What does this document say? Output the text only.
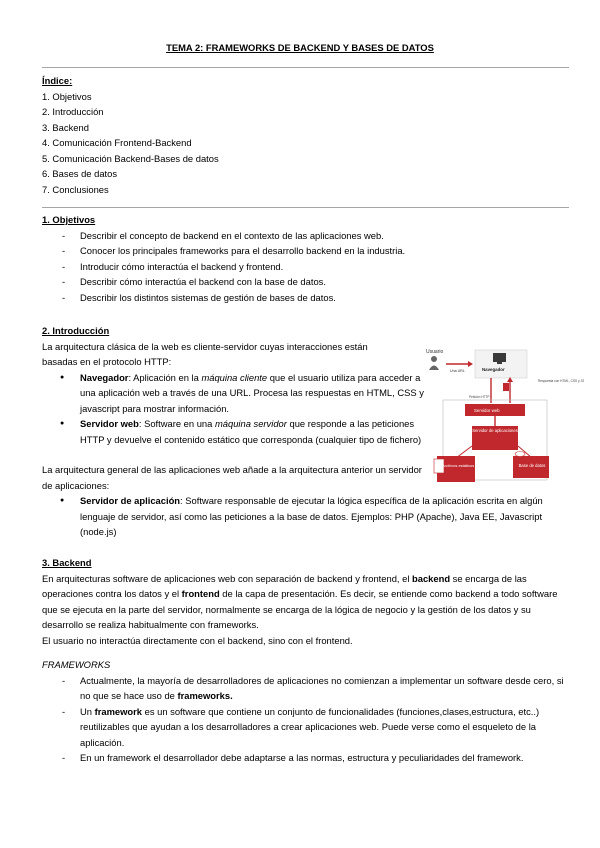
TEMA 2: FRAMEWORKS DE BACKEND Y BASES DE DATOS
Índice:
1. Objetivos
2. Introducción
3. Backend
4. Comunicación Frontend-Backend
5. Comunicación Backend-Bases de datos
6. Bases de datos
7. Conclusiones
1. Objetivos
- Describir el concepto de backend en el contexto de las aplicaciones web.
- Conocer los principales frameworks para el desarrollo backend en la industria.
- Introducir cómo interactúa el backend y frontend.
- Describir cómo interactúa el backend con la base de datos.
- Describir los distintos sistemas de gestión de bases de datos.
2. Introducción
La arquitectura clásica de la web es cliente-servidor cuyas interacciones están basadas en el protocolo HTTP:
● Navegador: Aplicación en la máquina cliente que el usuario utiliza para acceder a una aplicación web a través de una URL. Procesa las respuestas en HTML, CSS y javascript para mostrar información.
● Servidor web: Software en una máquina servidor que responde a las peticiones HTTP y devuelve el contenido estático que corresponda (cualquier tipo de fichero)
La arquitectura general de las aplicaciones web añade a la arquitectura anterior un servidor de aplicaciones:
● Servidor de aplicación: Software responsable de ejecutar la lógica específica de la aplicación escrita en algún lenguaje de servidor, así como las peticiones a la base de datos. Ejemplos: PHP (Apache), Java EE, Javascript (node.js)
Usuario
Una URL	Navegador
Respuesta con HTML, CSS y JS
Petición HTTP
Servidor web
Servidor de aplicaciones
Archivos estáticos	Base de datos
3. Backend
En arquitecturas software de aplicaciones web con separación de backend y frontend, el backend se encarga de las operaciones contra los datos y el frontend de la capa de presentación. Es decir, se entiende como backend a todo software que se ejecuta en la parte del servidor, normalmente se encarga de la lógica de negocio y la gestión de los datos y su desarrollo se realiza habitualmente con frameworks.
El usuario no interactúa directamente con el backend, sino con el frontend.
FRAMEWORKS
- Actualmente, la mayoría de desarrolladores de aplicaciones no comienzan a implementar un software desde cero, si no que se hace uso de frameworks.
- Un framework es un software que contiene un conjunto de funcionalidades (funciones,clases,estructura, etc..) reutilizables que ayudan a los desarrolladores a crear aplicaciones web. Puede verse como el esqueleto de la aplicación.
- En un framework el desarrollador debe adaptarse a las normas, estructura y peculiaridades del framework.
